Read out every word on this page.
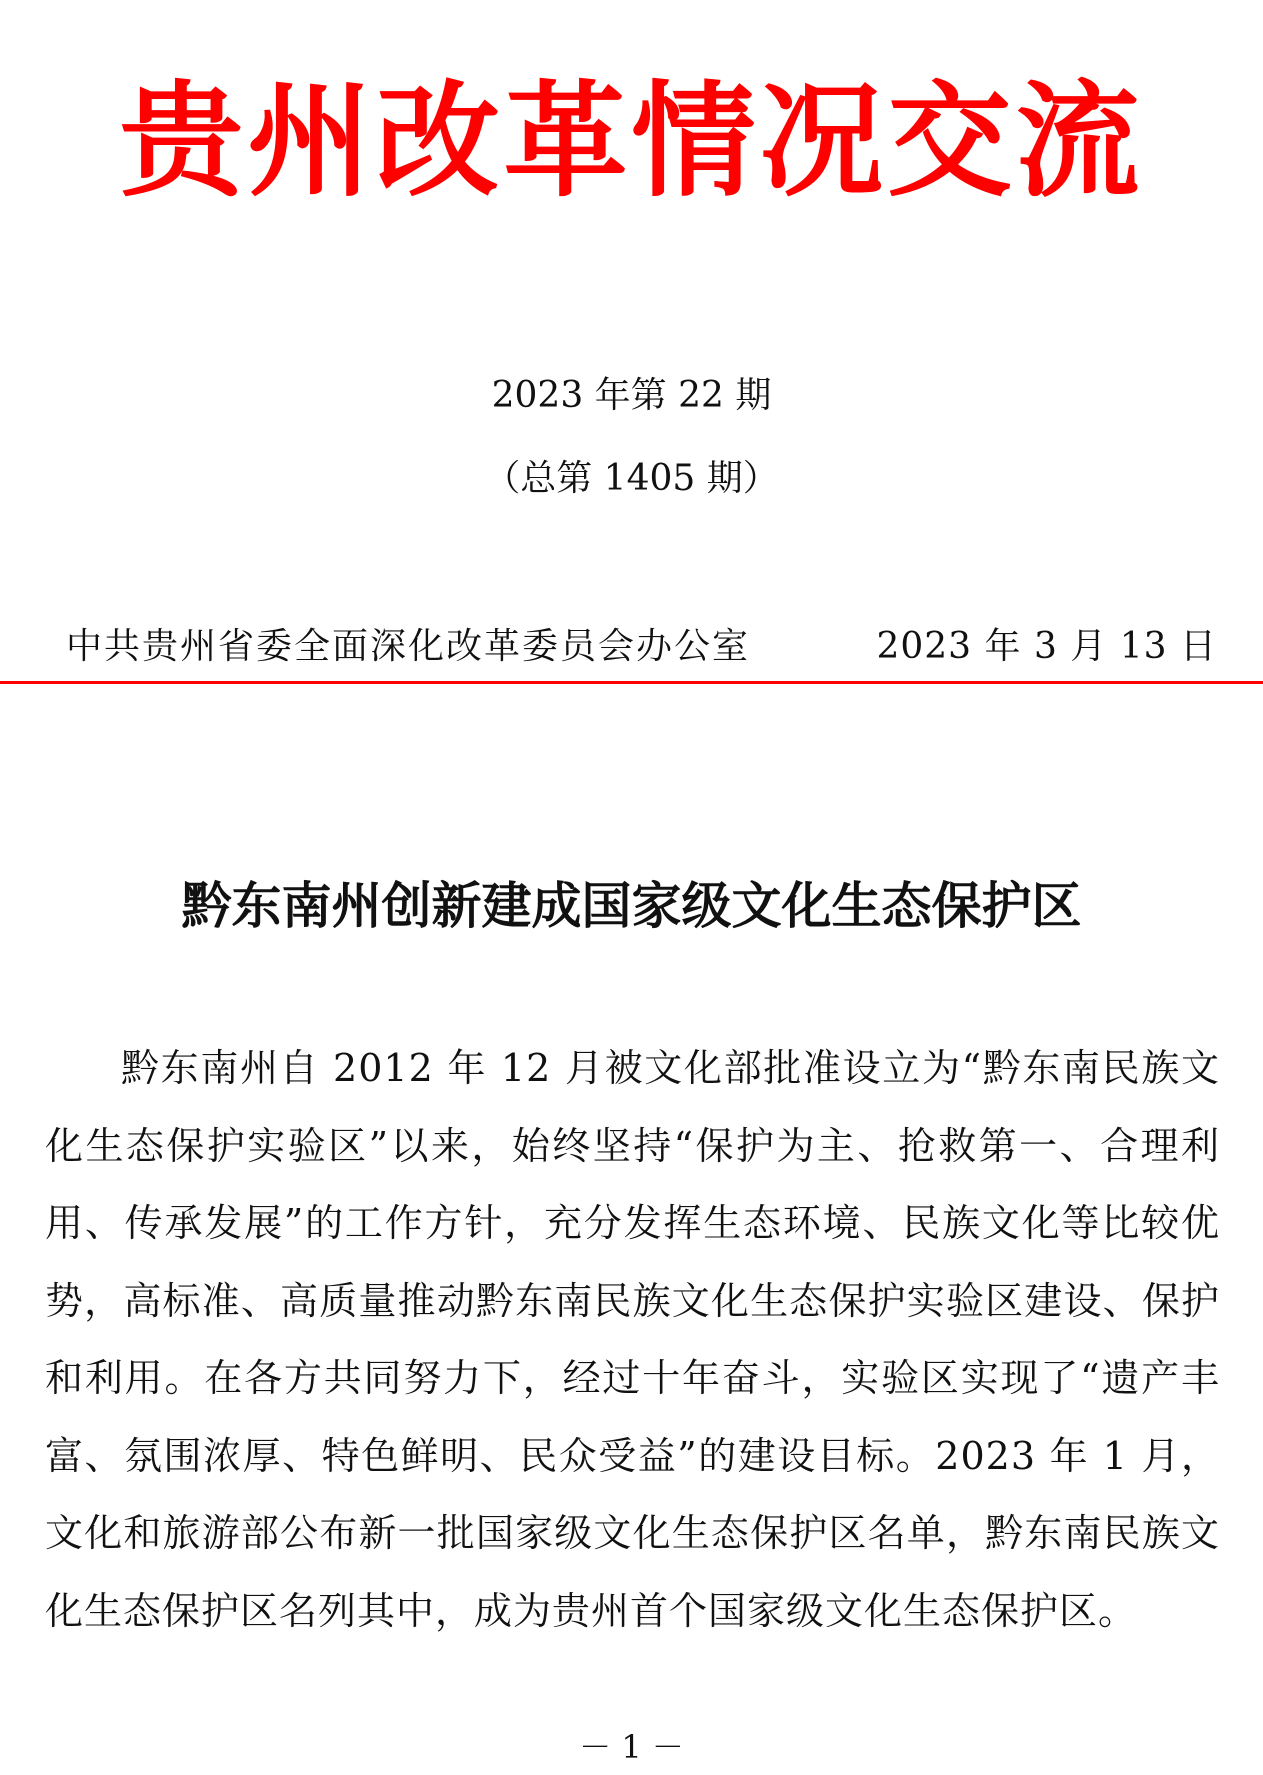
贵州改革情况交流
2023 年第 22 期
（总第 1405 期）
中共贵州省委全面深化改革委员会办公室	2023 年 3 月 13 日
黔东南州创新建成国家级文化生态保护区

黔东南州自 2012 年 12 月被文化部批准设立为“黔东南民族文化生态保护实验区”以来，始终坚持“保护为主、抢救第一、合理利用、传承发展”的工作方针，充分发挥生态环境、民族文化等比较优势，高标准、高质量推动黔东南民族文化生态保护实验区建设、保护和利用。在各方共同努力下，经过十年奋斗，实验区实现了“遗产丰富、氛围浓厚、特色鲜明、民众受益”的建设目标。2023 年 1 月，文化和旅游部公布新一批国家级文化生态保护区名单，黔东南民族文化生态保护区名列其中，成为贵州首个国家级文化生态保护区。

－ 1 －
